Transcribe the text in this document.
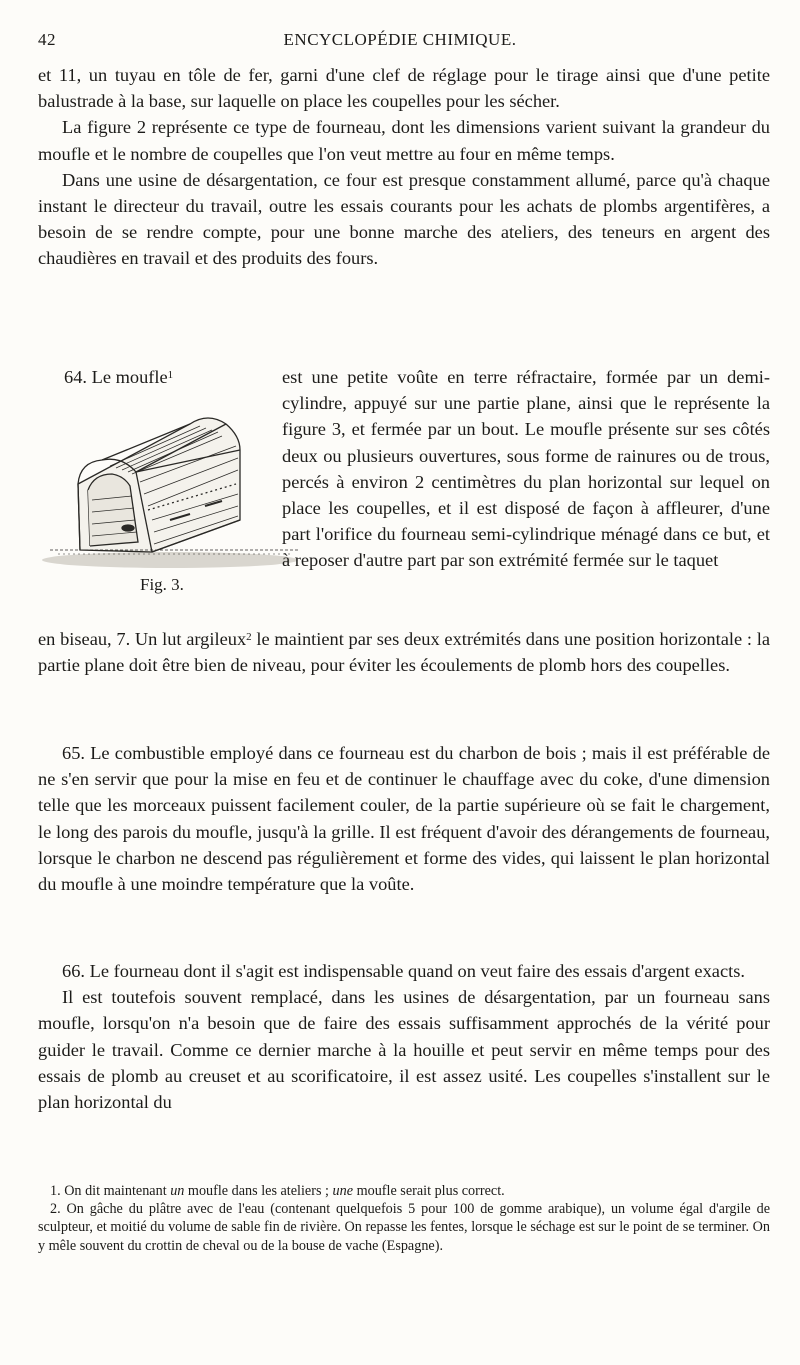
42	ENCYCLOPÉDIE CHIMIQUE.

et 11, un tuyau en tôle de fer, garni d'une clef de réglage pour le tirage ainsi que d'une petite balustrade à la base, sur laquelle on place les coupelles pour les sécher.

La figure 2 représente ce type de fourneau, dont les dimensions varient suivant la grandeur du moufle et le nombre de coupelles que l'on veut mettre au four en même temps.

Dans une usine de désargentation, ce four est presque constamment allumé, parce qu'à chaque instant le directeur du travail, outre les essais courants pour les achats de plombs argentifères, a besoin de se rendre compte, pour une bonne marche des ateliers, des teneurs en argent des chaudières en travail et des produits des fours.

Fig. 3.
64. Le moufle$^1$	est une petite voûte en terre réfractaire, formée par un demi-cylindre, appuyé sur une partie plane, ainsi que le représente la figure 3, et fermée par un bout. Le moufle présente sur ses côtés deux ou plusieurs ouvertures, sous forme de rainures ou de trous, percés à environ 2 centimètres du plan horizontal sur lequel on place les coupelles, et il est disposé de façon à affleurer, d'une part l'orifice du fourneau semi-cylindrique ménagé dans ce but, et à reposer d'autre part par son extrémité fermée sur le taquet

en biseau, 7. Un lut argileux$^2$ le maintient par ses deux extrémités dans une position horizontale : la partie plane doit être bien de niveau, pour éviter les écoulements de plomb hors des coupelles.

65. Le combustible employé dans ce fourneau est du charbon de bois ; mais il est préférable de ne s'en servir que pour la mise en feu et de continuer le chauffage avec du coke, d'une dimension telle que les morceaux puissent facilement couler, de la partie supérieure où se fait le chargement, le long des parois du moufle, jusqu'à la grille. Il est fréquent d'avoir des dérangements de fourneau, lorsque le charbon ne descend pas régulièrement et forme des vides, qui laissent le plan horizontal du moufle à une moindre température que la voûte.

66. Le fourneau dont il s'agit est indispensable quand on veut faire des essais d'argent exacts.

Il est toutefois souvent remplacé, dans les usines de désargentation, par un fourneau sans moufle, lorsqu'on n'a besoin que de faire des essais suffisamment approchés de la vérité pour guider le travail. Comme ce dernier marche à la houille et peut servir en même temps pour des essais de plomb au creuset et au scorificatoire, il est assez usité. Les coupelles s'installent sur le plan horizontal du

1. On dit maintenant un moufle dans les ateliers ; une moufle serait plus correct.

2. On gâche du plâtre avec de l'eau (contenant quelquefois 5 pour 100 de gomme arabique), un volume égal d'argile de sculpteur, et moitié du volume de sable fin de rivière. On repasse les fentes, lorsque le séchage est sur le point de se terminer. On y mêle souvent du crottin de cheval ou de la bouse de vache (Espagne).
